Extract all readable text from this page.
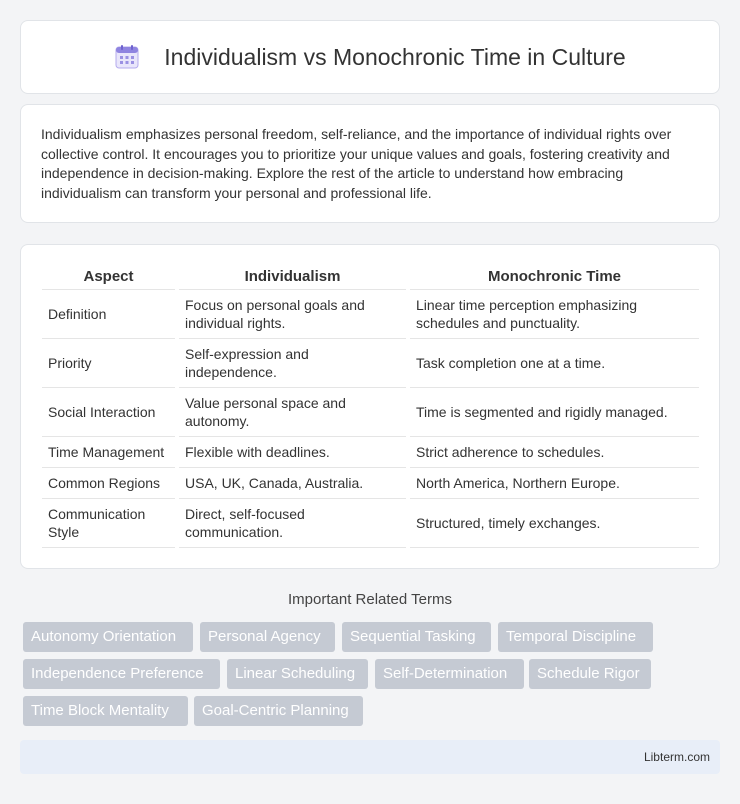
Individualism vs Monochronic Time in Culture

Individualism emphasizes personal freedom, self-reliance, and the importance of individual rights over collective control. It encourages you to prioritize your unique values and goals, fostering creativity and independence in decision-making. Explore the rest of the article to understand how embracing individualism can transform your personal and professional life.

Aspect	Individualism	Monochronic Time
Definition	Focus on personal goals and individual rights.	Linear time perception emphasizing schedules and punctuality.
Priority	Self-expression and independence.	Task completion one at a time.
Social Interaction	Value personal space and autonomy.	Time is segmented and rigidly managed.
Time Management	Flexible with deadlines.	Strict adherence to schedules.
Common Regions	USA, UK, Canada, Australia.	North America, Northern Europe.
Communication Style	Direct, self-focused communication.	Structured, timely exchanges.
Important Related Terms
Autonomy Orientation	Personal Agency	Sequential Tasking	Temporal Discipline
Independence Preference	Linear Scheduling	Self-Determination	Schedule Rigor
Time Block Mentality	Goal-Centric Planning
Libterm.com
